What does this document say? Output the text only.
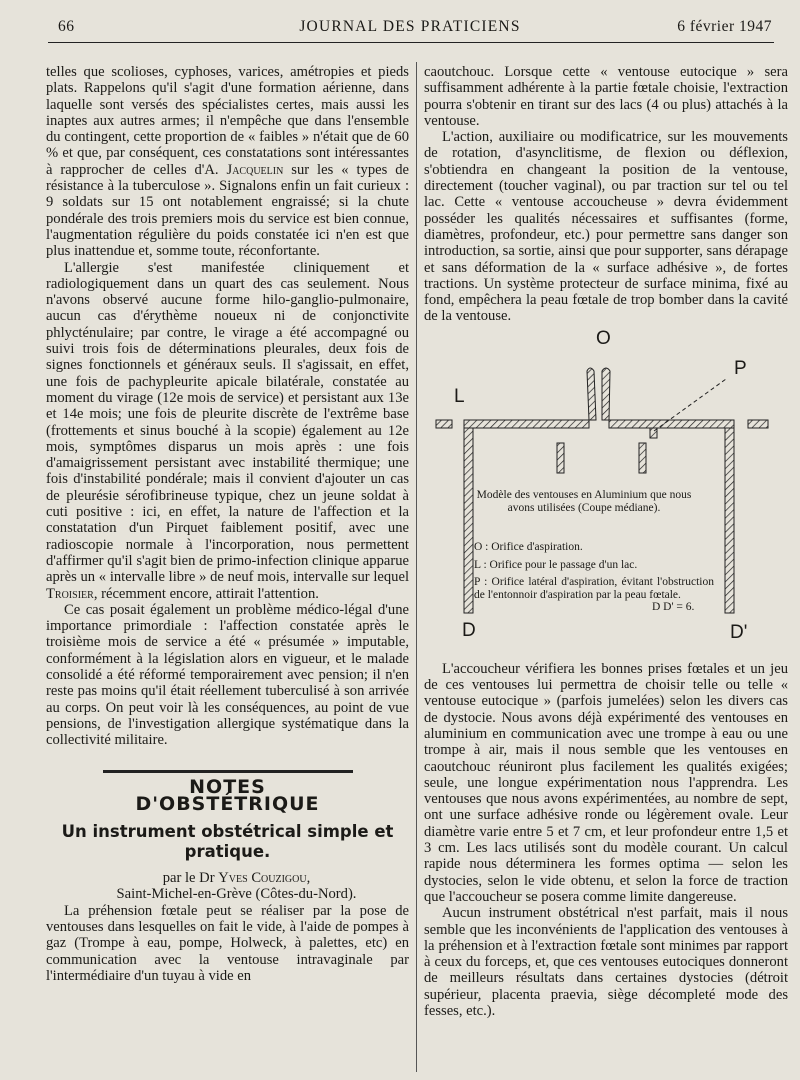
66	JOURNAL DES PRATICIENS	6 février 1947

telles que scolioses, cyphoses, varices, amétropies et pieds plats. Rappelons qu'il s'agit d'une formation aérienne, dans laquelle sont versés des spécialistes certes, mais aussi les inaptes aux autres armes; il n'empêche que dans l'ensemble du contingent, cette proportion de « faibles » n'était que de 60 % et que, par conséquent, ces constatations sont intéressantes à rapprocher de celles d'A. Jacquelin sur les « types de résistance à la tuberculose ». Signalons enfin un fait curieux : 9 soldats sur 15 ont notablement engraissé; si la chute pondérale des trois premiers mois du service est bien connue, l'augmentation régulière du poids constatée ici n'en est que plus inattendue et, somme toute, réconfortante.

L'allergie s'est manifestée cliniquement et radiologiquement dans un quart des cas seulement. Nous n'avons observé aucune forme hilo-ganglio-pulmonaire, aucun cas d'érythème noueux ni de conjonctivite phlycténulaire; par contre, le virage a été accompagné ou suivi trois fois de déterminations pleurales, deux fois de signes fonctionnels et généraux seuls. Il s'agissait, en effet, une fois de pachypleurite apicale bilatérale, constatée au moment du virage (12e mois de service) et persistant aux 13e et 14e mois; une fois de pleurite discrète de l'extrême base (frottements et sinus bouché à la scopie) également au 12e mois, symptômes disparus un mois après : une fois d'amaigrissement persistant avec instabilité thermique; une fois d'instabilité pondérale; mais il convient d'ajouter un cas de pleurésie sérofibrineuse typique, chez un jeune soldat à cuti positive : ici, en effet, la nature de l'affection et la constatation d'un Pirquet faiblement positif, avec une radioscopie normale à l'incorporation, nous permettent d'affirmer qu'il s'agit bien de primo-infection clinique apparue après un « intervalle libre » de neuf mois, intervalle sur lequel Troisier, récemment encore, attirait l'attention.

Ce cas posait également un problème médico-légal d'une importance primordiale : l'affection constatée après le troisième mois de service a été « présumée » imputable, conformément à la législation alors en vigueur, et le malade consolidé a été réformé temporairement avec pension; il n'en reste pas moins qu'il était réellement tuberculisé à son arrivée au corps. On peut voir là les conséquences, au point de vue pensions, de l'investigation allergique systématique dans la collectivité militaire.

NOTES D'OBSTÉTRIQUE
Un instrument obstétrical simple et pratique.

par le Dr Yves Couzigou,

Saint-Michel-en-Grève (Côtes-du-Nord).

La préhension fœtale peut se réaliser par la pose de ventouses dans lesquelles on fait le vide, à l'aide de pompes à gaz (Trompe à eau, pompe, Holweck, à palettes, etc) en communication avec la ventouse intravaginale par l'intermédiaire d'un tuyau à vide en

caoutchouc. Lorsque cette « ventouse eutocique » sera suffisamment adhérente à la partie fœtale choisie, l'extraction pourra s'obtenir en tirant sur des lacs (4 ou plus) attachés à la ventouse.

L'action, auxiliaire ou modificatrice, sur les mouvements de rotation, d'asynclitisme, de flexion ou déflexion, s'obtiendra en changeant la position de la ventouse, directement (toucher vaginal), ou par traction sur tel ou tel lac. Cette « ventouse accoucheuse » devra évidemment posséder les qualités nécessaires et suffisantes (forme, diamètres, profondeur, etc.) pour permettre sans danger son introduction, sa sortie, ainsi que pour supporter, sans dérapage et sans déformation de la « surface adhésive », de fortes tractions. Un système protecteur de surface minima, fixé au fond, empêchera la peau fœtale de trop bomber dans la cavité de la ventouse.

O
P
L
D	D'
Modèle des ventouses en Aluminium que nous avons utilisées (Coupe médiane).
O : Orifice d'aspiration.
L : Orifice pour le passage d'un lac.
P : Orifice latéral d'aspiration, évitant l'obstruction de l'entonnoir d'aspiration par la peau fœtale.
D D' = 6.

L'accoucheur vérifiera les bonnes prises fœtales et un jeu de ces ventouses lui permettra de choisir telle ou telle « ventouse eutocique » (parfois jumelées) selon les divers cas de dystocie. Nous avons déjà expérimenté des ventouses en aluminium en communication avec une trompe à eau ou une trompe à air, mais il nous semble que les ventouses en caoutchouc réuniront plus facilement les qualités exigées; seule, une longue expérimentation nous l'apprendra. Les ventouses que nous avons expérimentées, au nombre de sept, ont une surface adhésive ronde ou légèrement ovale. Leur diamètre varie entre 5 et 7 cm, et leur profondeur entre 1,5 et 3 cm. Les lacs utilisés sont du modèle courant. Un calcul rapide nous déterminera les formes optima — selon les dystocies, selon le vide obtenu, et selon la force de traction que l'accoucheur se posera comme limite dangereuse.

Aucun instrument obstétrical n'est parfait, mais il nous semble que les inconvénients de l'application des ventouses à la préhension et à l'extraction fœtale sont minimes par rapport à ceux du forceps, et, que ces ventouses eutociques donneront de meilleurs résultats dans certaines dystocies (détroit supérieur, placenta praevia, siège décompleté mode des fesses, etc.).
